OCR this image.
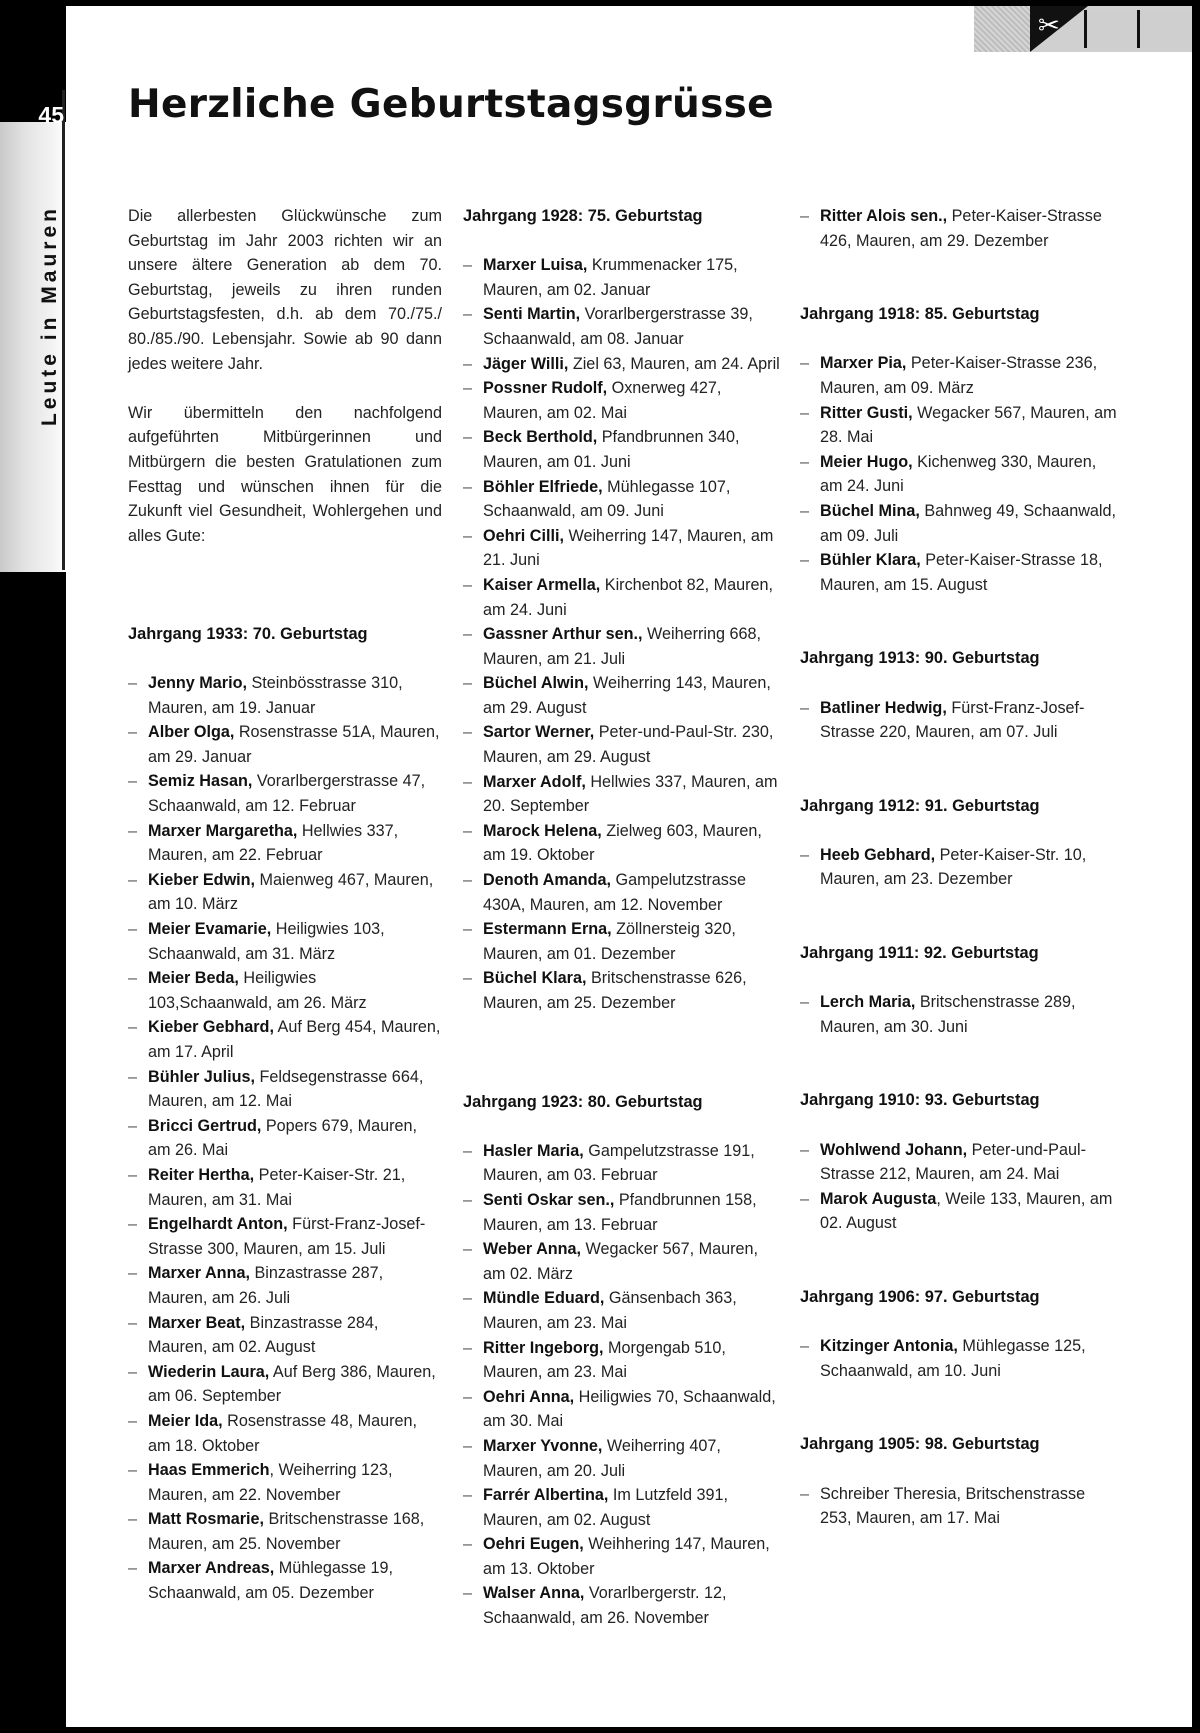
45
Leute in Mauren
✂
Herzliche Geburtstagsgrüsse

Die allerbesten Glückwünsche zum Geburtstag im Jahr 2003 richten wir an unsere ältere Generation ab dem 70. Geburtstag, jeweils zu ihren runden Geburtstagsfesten, d.h. ab dem 70./75./ 80./85./90. Lebensjahr. Sowie ab 90 dann jedes weitere Jahr.

Wir übermitteln den nachfolgend aufgeführten Mitbürgerinnen und Mitbürgern die besten Gratulationen zum Festtag und wünschen ihnen für die Zukunft viel Gesundheit, Wohlergehen und alles Gute:

Jahrgang 1933: 70. Geburtstag

– Jenny Mario, Steinbösstrasse 310, Mauren, am 19. Januar
– Alber Olga, Rosenstrasse 51A, Mauren, am 29. Januar
– Semiz Hasan, Vorarlbergerstrasse 47, Schaanwald, am 12. Februar
– Marxer Margaretha, Hellwies 337, Mauren, am 22. Februar
– Kieber Edwin, Maienweg 467, Mauren, am 10. März
– Meier Evamarie, Heiligwies 103, Schaanwald, am 31. März
– Meier Beda, Heiligwies 103,Schaanwald, am 26. März
– Kieber Gebhard, Auf Berg 454, Mauren, am 17. April
– Bühler Julius, Feldsegenstrasse 664, Mauren, am 12. Mai
– Bricci Gertrud, Popers 679, Mauren, am 26. Mai
– Reiter Hertha, Peter-Kaiser-Str. 21, Mauren, am 31. Mai
– Engelhardt Anton, Fürst-Franz-Josef-Strasse 300, Mauren, am 15. Juli
– Marxer Anna, Binzastrasse 287, Mauren, am 26. Juli
– Marxer Beat, Binzastrasse 284, Mauren, am 02. August
– Wiederin Laura, Auf Berg 386, Mauren, am 06. September
– Meier Ida, Rosenstrasse 48, Mauren, am 18. Oktober
– Haas Emmerich, Weiherring 123, Mauren, am 22. November
– Matt Rosmarie, Britschenstrasse 168, Mauren, am 25. November
– Marxer Andreas, Mühlegasse 19, Schaanwald, am 05. Dezember

Jahrgang 1928: 75. Geburtstag

– Marxer Luisa, Krummenacker 175, Mauren, am 02. Januar
– Senti Martin, Vorarlbergerstrasse 39, Schaanwald, am 08. Januar
– Jäger Willi, Ziel 63, Mauren, am 24. April
– Possner Rudolf, Oxnerweg 427, Mauren, am 02. Mai
– Beck Berthold, Pfandbrunnen 340, Mauren, am 01. Juni
– Böhler Elfriede, Mühlegasse 107, Schaanwald, am 09. Juni
– Oehri Cilli, Weiherring 147, Mauren, am 21. Juni
– Kaiser Armella, Kirchenbot 82, Mauren, am 24. Juni
– Gassner Arthur sen., Weiherring 668, Mauren, am 21. Juli
– Büchel Alwin, Weiherring 143, Mauren, am 29. August
– Sartor Werner, Peter-und-Paul-Str. 230, Mauren, am 29. August
– Marxer Adolf, Hellwies 337, Mauren, am 20. September
– Marock Helena, Zielweg 603, Mauren, am 19. Oktober
– Denoth Amanda, Gampelutzstrasse 430A, Mauren, am 12. November
– Estermann Erna, Zöllnersteig 320, Mauren, am 01. Dezember
– Büchel Klara, Britschenstrasse 626, Mauren, am 25. Dezember

Jahrgang 1923: 80. Geburtstag

– Hasler Maria, Gampelutzstrasse 191, Mauren, am 03. Februar
– Senti Oskar sen., Pfandbrunnen 158, Mauren, am 13. Februar
– Weber Anna, Wegacker 567, Mauren, am 02. März
– Mündle Eduard, Gänsenbach 363, Mauren, am 23. Mai
– Ritter Ingeborg, Morgengab 510, Mauren, am 23. Mai
– Oehri Anna, Heiligwies 70, Schaanwald, am 30. Mai
– Marxer Yvonne, Weiherring 407, Mauren, am 20. Juli
– Farrér Albertina, Im Lutzfeld 391, Mauren, am 02. August
– Oehri Eugen, Weihhering 147, Mauren, am 13. Oktober
– Walser Anna, Vorarlbergerstr. 12, Schaanwald, am 26. November
– Ritter Alois sen., Peter-Kaiser-Strasse 426, Mauren, am 29. Dezember

Jahrgang 1918: 85. Geburtstag

– Marxer Pia, Peter-Kaiser-Strasse 236, Mauren, am 09. März
– Ritter Gusti, Wegacker 567, Mauren, am 28. Mai
– Meier Hugo, Kichenweg 330, Mauren, am 24. Juni
– Büchel Mina, Bahnweg 49, Schaanwald, am 09. Juli
– Bühler Klara, Peter-Kaiser-Strasse 18, Mauren, am 15. August

Jahrgang 1913: 90. Geburtstag

– Batliner Hedwig, Fürst-Franz-Josef-Strasse 220, Mauren, am 07. Juli

Jahrgang 1912: 91. Geburtstag

– Heeb Gebhard, Peter-Kaiser-Str. 10, Mauren, am 23. Dezember

Jahrgang 1911: 92. Geburtstag

– Lerch Maria, Britschenstrasse 289, Mauren, am 30. Juni

Jahrgang 1910: 93. Geburtstag

– Wohlwend Johann, Peter-und-Paul-Strasse 212, Mauren, am 24. Mai
– Marok Augusta, Weile 133, Mauren, am 02. August

Jahrgang 1906: 97. Geburtstag

– Kitzinger Antonia, Mühlegasse 125, Schaanwald, am 10. Juni

Jahrgang 1905: 98. Geburtstag

– Schreiber Theresia, Britschenstrasse 253, Mauren, am 17. Mai
